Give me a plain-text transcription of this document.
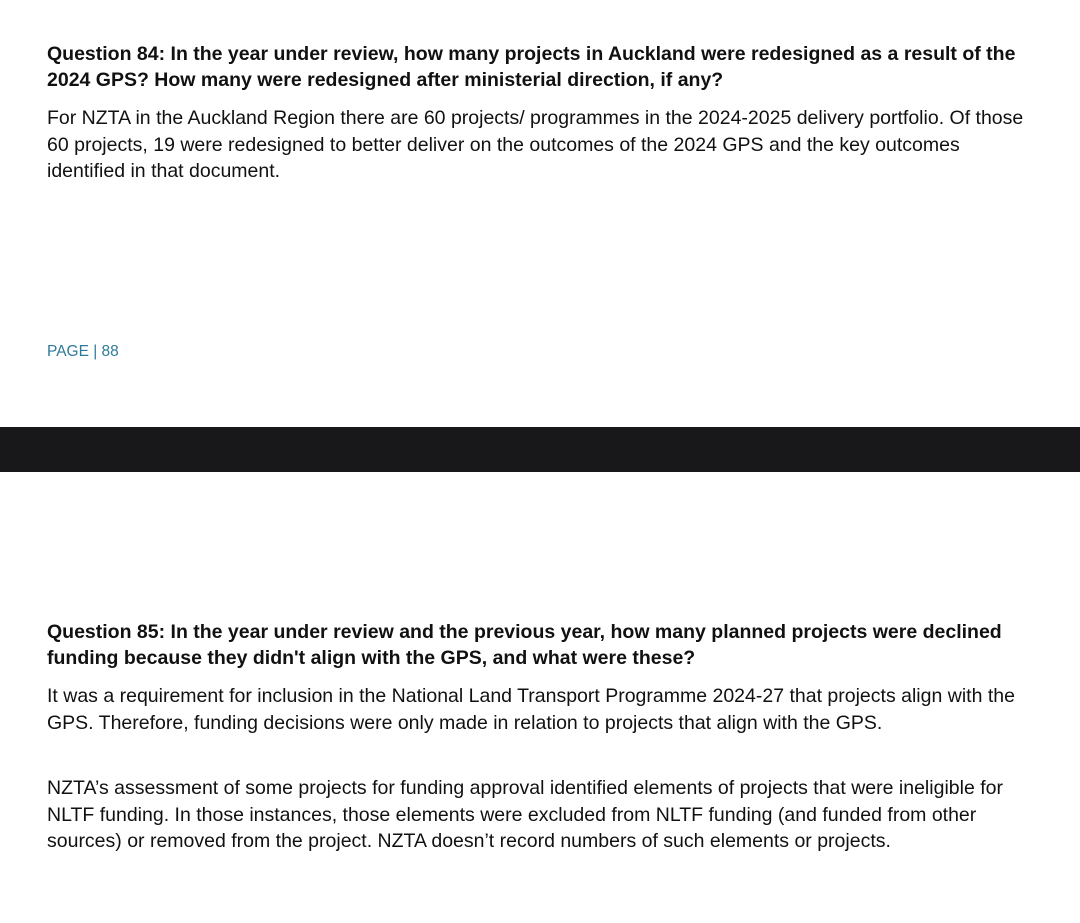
Question 84: In the year under review, how many projects in Auckland were redesigned as a result of the 2024 GPS? How many were redesigned after ministerial direction, if any?

For NZTA in the Auckland Region there are 60 projects/ programmes in the 2024-2025 delivery portfolio. Of those 60 projects, 19 were redesigned to better deliver on the outcomes of the 2024 GPS and the key outcomes identified in that document.

PAGE | 88

Question 85: In the year under review and the previous year, how many planned projects were declined funding because they didn't align with the GPS, and what were these?

It was a requirement for inclusion in the National Land Transport Programme 2024-27 that projects align with the GPS. Therefore, funding decisions were only made in relation to projects that align with the GPS.

NZTA’s assessment of some projects for funding approval identified elements of projects that were ineligible for NLTF funding. In those instances, those elements were excluded from NLTF funding (and funded from other sources) or removed from the project. NZTA doesn’t record numbers of such elements or projects.
